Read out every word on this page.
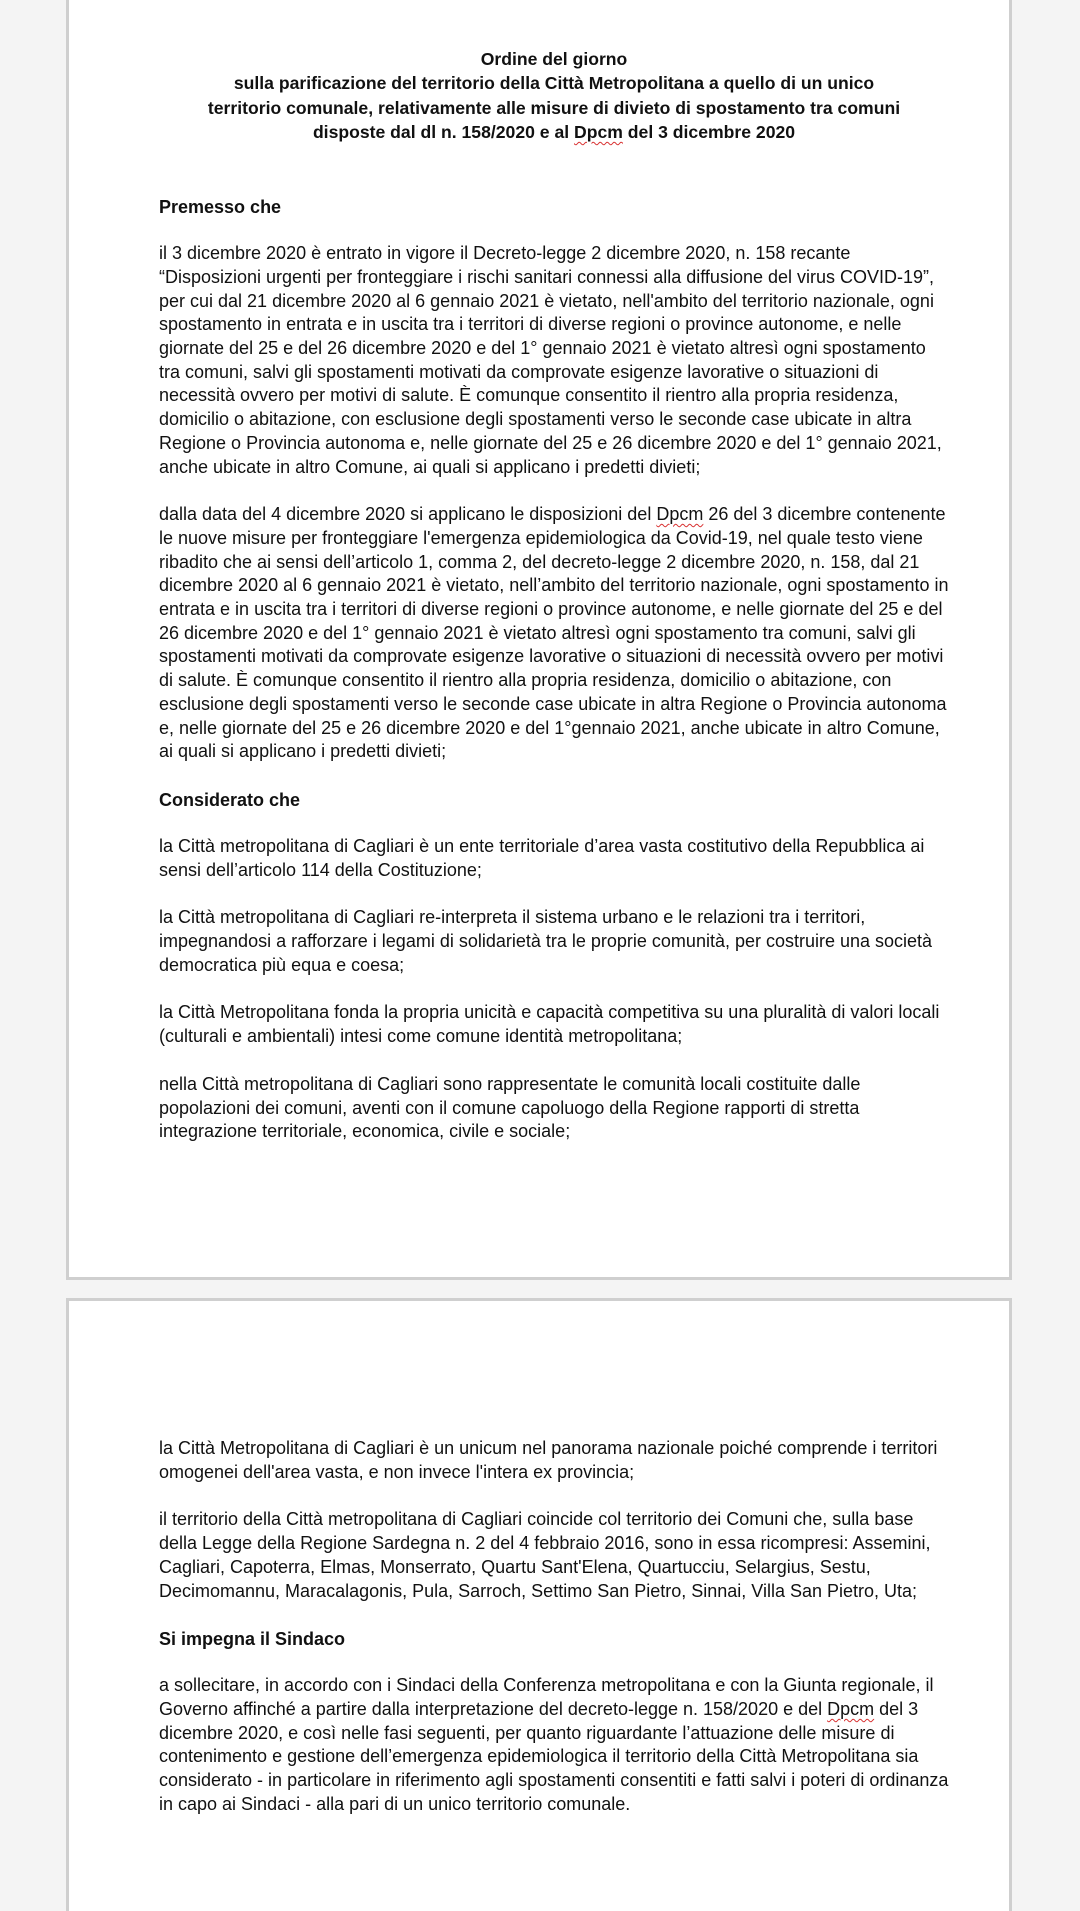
Ordine del giorno
sulla parificazione del territorio della Città Metropolitana a quello di un unico
territorio comunale, relativamente alle misure di divieto di spostamento tra comuni
disposte dal dl n. 158/2020 e al Dpcm del 3 dicembre 2020
Premesso che
il 3 dicembre 2020 è entrato in vigore il Decreto-legge 2 dicembre 2020, n. 158 recante “Disposizioni urgenti per fronteggiare i rischi sanitari connessi alla diffusione del virus COVID-19”, per cui dal 21 dicembre 2020 al 6 gennaio 2021 è vietato, nell'ambito del territorio nazionale, ogni spostamento in entrata e in uscita tra i territori di diverse regioni o province autonome, e nelle giornate del 25 e del 26 dicembre 2020 e del 1° gennaio 2021 è vietato altresì ogni spostamento tra comuni, salvi gli spostamenti motivati da comprovate esigenze lavorative o situazioni di necessità ovvero per motivi di salute. È comunque consentito il rientro alla propria residenza, domicilio o abitazione, con esclusione degli spostamenti verso le seconde case ubicate in altra Regione o Provincia autonoma e, nelle giornate del 25 e 26 dicembre 2020 e del 1° gennaio 2021, anche ubicate in altro Comune, ai quali si applicano i predetti divieti;
dalla data del 4 dicembre 2020 si applicano le disposizioni del Dpcm 26 del 3 dicembre contenente le nuove misure per fronteggiare l'emergenza epidemiologica da Covid-19, nel quale testo viene ribadito che ai sensi dell’articolo 1, comma 2, del decreto-legge 2 dicembre 2020, n. 158, dal 21 dicembre 2020 al 6 gennaio 2021 è vietato, nell’ambito del territorio nazionale, ogni spostamento in entrata e in uscita tra i territori di diverse regioni o province autonome, e nelle giornate del 25 e del 26 dicembre 2020 e del 1° gennaio 2021 è vietato altresì ogni spostamento tra comuni, salvi gli spostamenti motivati da comprovate esigenze lavorative o situazioni di necessità ovvero per motivi di salute. È comunque consentito il rientro alla propria residenza, domicilio o abitazione, con esclusione degli spostamenti verso le seconde case ubicate in altra Regione o Provincia autonoma e, nelle giornate del 25 e 26 dicembre 2020 e del 1°gennaio 2021, anche ubicate in altro Comune, ai quali si applicano i predetti divieti;
Considerato che
la Città metropolitana di Cagliari è un ente territoriale d’area vasta costitutivo della Repubblica ai sensi dell’articolo 114 della Costituzione;
la Città metropolitana di Cagliari re-interpreta il sistema urbano e le relazioni tra i territori, impegnandosi a rafforzare i legami di solidarietà tra le proprie comunità, per costruire una società democratica più equa e coesa;
la Città Metropolitana fonda la propria unicità e capacità competitiva su una pluralità di valori locali (culturali e ambientali) intesi come comune identità metropolitana;
nella Città metropolitana di Cagliari sono rappresentate le comunità locali costituite dalle popolazioni dei comuni, aventi con il comune capoluogo della Regione rapporti di stretta integrazione territoriale, economica, civile e sociale;
la Città Metropolitana di Cagliari è un unicum nel panorama nazionale poiché comprende i territori omogenei dell'area vasta, e non invece l'intera ex provincia;
il territorio della Città metropolitana di Cagliari coincide col territorio dei Comuni che, sulla base della Legge della Regione Sardegna n. 2 del 4 febbraio 2016, sono in essa ricompresi: Assemini, Cagliari, Capoterra, Elmas, Monserrato, Quartu Sant'Elena, Quartucciu, Selargius, Sestu, Decimomannu, Maracalagonis, Pula, Sarroch, Settimo San Pietro, Sinnai, Villa San Pietro, Uta;
Si impegna il Sindaco
a sollecitare, in accordo con i Sindaci della Conferenza metropolitana e con la Giunta regionale, il Governo affinché a partire dalla interpretazione del decreto-legge n. 158/2020 e del Dpcm del 3 dicembre 2020, e così nelle fasi seguenti, per quanto riguardante l’attuazione delle misure di contenimento e gestione dell’emergenza epidemiologica il territorio della Città Metropolitana sia considerato - in particolare in riferimento agli spostamenti consentiti e fatti salvi i poteri di ordinanza in capo ai Sindaci - alla pari di un unico territorio comunale.
